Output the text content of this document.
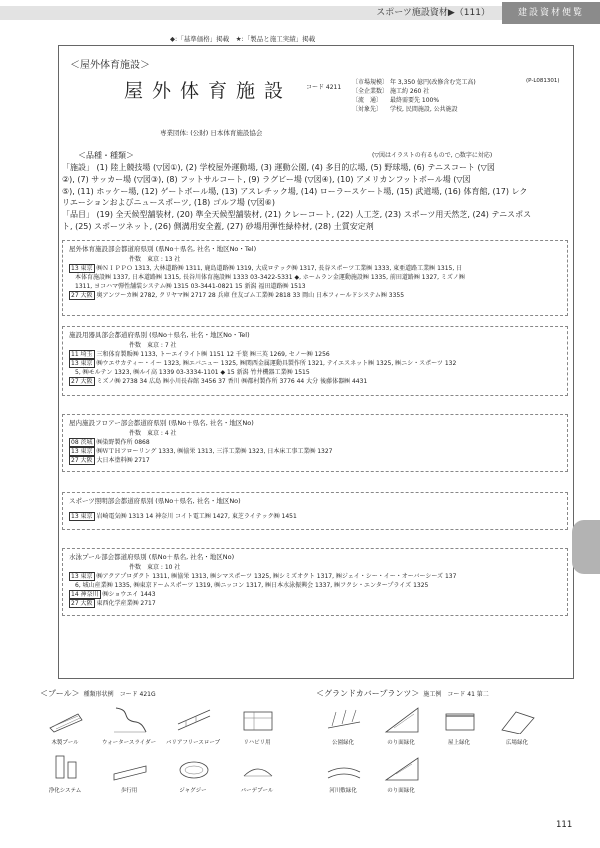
スポーツ施設資材▶（111）	建設資材便覧
◆:「基準価格」掲載　★:「製品と施工実績」掲載
＜屋外体育施設＞
屋外体育施設 コード 4211
〔市場規模〕 年 3,350 億円(改修含む完工高)
〔全企業数〕 施工約 260 社
〔流　通〕 最終需要先 100%
〔対象先〕 学校, 民間施設, 公共施設
(P-L081301)
専業団体: (公財) 日本体育施設協会
＜品種・種類＞	(▽図はイラストの有るもので, ○数字に対応)

「施設」 (1) 陸上競技場 (▽図①), (2) 学校屋外運動場, (3) 運動公園, (4) 多目的広場, (5) 野球場, (6) テニスコート (▽図

②), (7) サッカー場 (▽図③), (8) フットサルコート, (9) ラグビー場 (▽図④), (10) アメリカンフットボール場 (▽図

⑤), (11) ホッケー場, (12) ゲートボール場, (13) アスレチック場, (14) ローラースケート場, (15) 武道場, (16) 体育館, (17) レク

リエーションおよびニュースポーツ, (18) ゴルフ場 (▽図⑥)

「品目」 (19) 全天候型舗装材, (20) 準全天候型舗装材, (21) クレーコート, (22) 人工芝, (23) スポーツ用天然芝, (24) テニスポス

ト, (25) スポーツネット, (26) 側溝用安全蓋, (27) 砂場用弾性緑枠材, (28) 土質安定剤

屋外体育施設部会都道府県別 (県No＋県名, 社名・地区No・Tel)
件数　東京 : 13 社
13 東京 ㈱ＮＩＰＰＯ 1313, 大林道路㈱ 1311, 鹿島道路㈱ 1319, 大成ロテック㈱ 1317, 長谷スポーツ工業㈱ 1333, 東亜道路工業㈱ 1315, 日
本体育施設㈱ 1337, 日本道路㈱ 1315, 長谷川体育施設㈱ 1333 03-3422-5331 ◆, ホームラン金運動施設㈱ 1335, 前田道路㈱ 1327, ミズノ㈱
1311, ヨコハマ弾性舗装システム㈱ 1315 03-3441-0821 15 新潟 福田道路㈱ 1513
27 大阪 奥アンツーカ㈱ 2782, クリヤマ㈱ 2717 28 兵庫 住友ゴム工業㈱ 2818 33 岡山 日本フィールドシステム㈱ 3355
施設用器具部会都道府県別 (県No＋県名, 社名・地区No・Tel)
件数　東京 : 7 社
11 埼玉 三和体育製販㈱ 1133, トーエイライト㈱ 1151 12 千葉 ㈱三英 1269, セノー㈱ 1256
13 東京 ㈱ウエサカティー・イー 1323, ㈱エバニュー 1325, ㈱関西金属運動具製作所 1321, テイエスネット㈱ 1325, ㈱ニシ・スポーツ 132
5, ㈱モルテン 1323, ㈱ルイ高 1339 03-3334-1101 ◆ 15 新潟 竹井機器工業㈱ 1515
27 大阪 ミズノ㈱ 2738 34 広島 ㈱小川長春館 3456 37 香川 ㈱都村製作所 3776 44 大分 後藤体器㈱ 4431
屋内施設フロアー部会都道府県別 (県No＋県名, 社名・地区No)
件数　東京 : 4 社
08 茨城 ㈱染野製作所 0868
13 東京 ㈱ＷＴＨフローリング 1333, ㈱協栄 1313, 三洋工業㈱ 1323, 日本床工事工業㈱ 1327
27 大阪 大日本塗料㈱ 2717
スポーツ照明部会都道府県別 (県No＋県名, 社名・地区No)
13 東京 岩崎電気㈱ 1313 14 神奈川 コイト電工㈱ 1427, 東芝ライテック㈱ 1451
水泳プール部会都道府県別 (県No＋県名, 社名・地区No)
件数　東京 : 10 社
13 東京 ㈱アクアプロダクト 1311, ㈱協栄 1313, ㈱シマスポーツ 1325, ㈱シミズオクト 1317, ㈱ジェイ・シー・イー・オーバーシーズ 137
6, 城山産業㈱ 1335, ㈱東京ドームスポーツ 1319, ㈱ニッコン 1317, ㈱日本水泳振興会 1337, ㈱フクシ・エンタープライズ 1325
14 神奈川 ㈱ショウエイ 1443
27 大阪 東西化学産業㈱ 2717
＜プール＞ 種類形状例　コード 421G	＜グランドカバープランツ＞ 施工例　コード 41 第二
木製プール	ウォータースライダー	バリアフリースロープ	リハビリ用
浄化システム	歩行用	ジャグジー	バーデプール
公園緑化	のり面緑化	屋上緑化	広場緑化
河川敷緑化	のり面緑化
111
